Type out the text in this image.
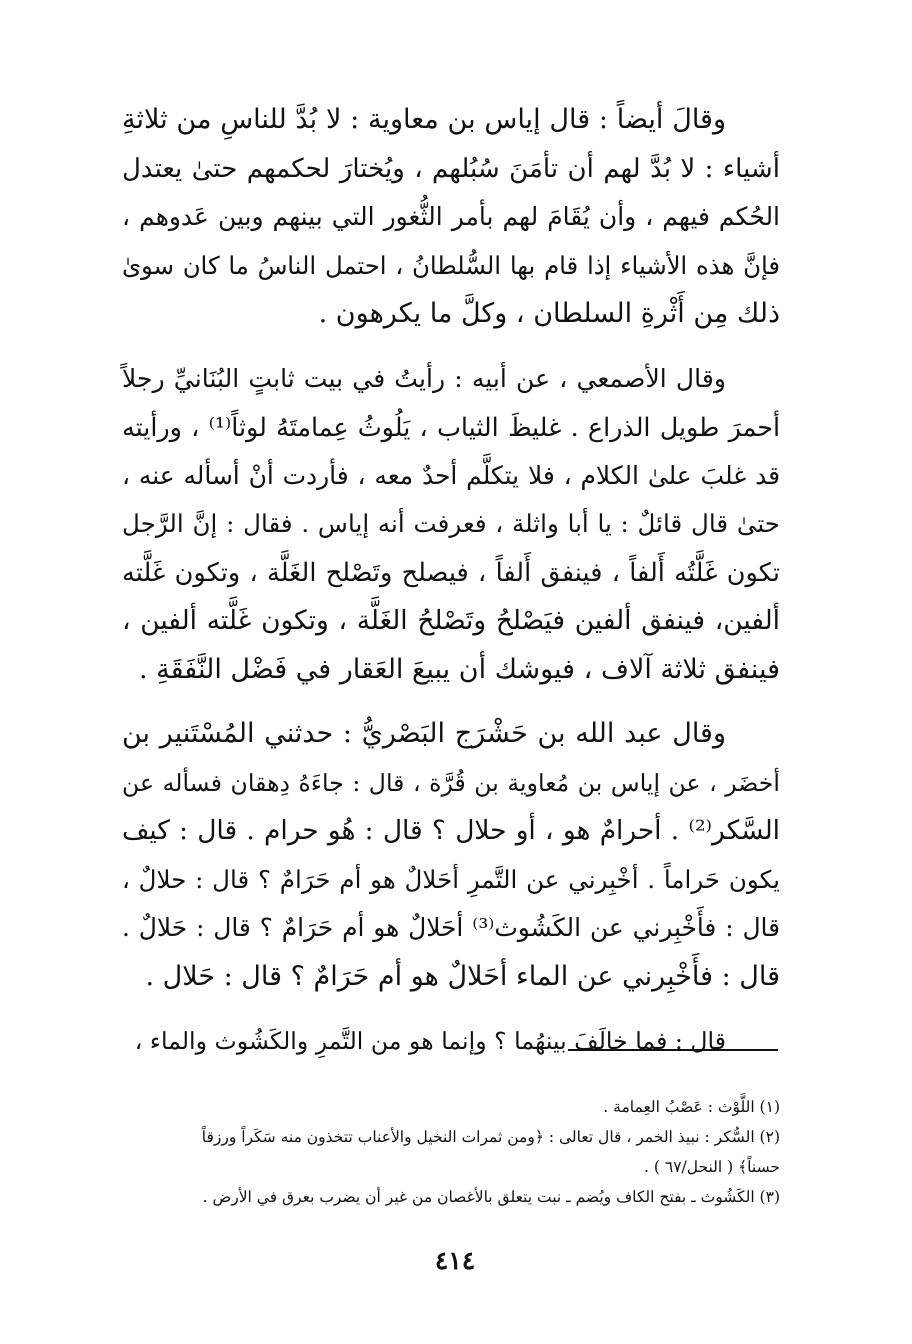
وقالَ أيضاً : قال إياس بن معاوية : لا بُدَّ للناسِ من ثلاثةِ
أشياء : لا بُدَّ لهم أن تأمَنَ سُبُلهم ، ويُختارَ لحكمهم حتىٰ يعتدل
الحُكم فيهم ، وأن يُقَامَ لهم بأمر الثُّغور التي بينهم وبين عَدوهم ،
فإنَّ هذه الأشياء إذا قام بها السُّلطانُ ، احتمل الناسُ ما كان سوىٰ
ذلك مِن أَثْرةِ السلطان ، وكلَّ ما يكرهون .

وقال الأصمعي ، عن أبيه : رأيتُ في بيت ثابتٍ البُنَانيِّ رجلاً
أحمرَ طويل الذراع . غليظَ الثياب ، يَلُوثُ عِمامتَهُ لوثاً⁽¹⁾ ، ورأيته
قد غلبَ علىٰ الكلام ، فلا يتكلَّم أحدٌ معه ، فأردت أنْ أسأله عنه ،
حتىٰ قال قائلٌ : يا أبا واثلة ، فعرفت أنه إياس . فقال : إنَّ الرَّجل
تكون غَلَّتُه أَلفاً ، فينفق أَلفاً ، فيصلح وتَصْلح الغَلَّة ، وتكون غَلَّته
ألفين، فينفق ألفين فيَصْلحُ وتَصْلحُ الغَلَّة ، وتكون غَلَّته ألفين ،
فينفق ثلاثة آلاف ، فيوشك أن يبيعَ العَقار في فَضْل النَّفَقَةِ .

وقال عبد الله بن حَشْرَج البَصْريُّ : حدثني المُسْتَنير بن
أخضَر ، عن إياس بن مُعاوية بن قُرَّة ، قال : جاءَهُ دِهقان فسأله عن
السَّكر⁽²⁾ . أحرامٌ هو ، أو حلال ؟ قال : هُو حرام . قال : كيف
يكون حَراماً . أخْبِرني عن التَّمرِ أحَلالٌ هو أم حَرَامٌ ؟ قال : حلالٌ ،
قال : فأَخْبِرني عن الكَشُوث⁽³⁾ أحَلالٌ هو أم حَرَامٌ ؟ قال : حَلالٌ .
قال : فأَخْبِرني عن الماء أحَلالٌ هو أم حَرَامٌ ؟ قال : حَلال .

قال : فما خالَفَ بينهُما ؟ وإنما هو من التَّمرِ والكَشُوث والماء ،

(١) اللَّوْث : عَصْبُ العِمامة .
(٢) السُّكر : نبيذ الخمر ، قال تعالى : ﴿ومن ثمرات النخيل والأعناب تتخذون منه سَكَراً ورزقاً
حسناً﴾ ( النحل/٦٧ ) .
(٣) الكَشُوث ـ بفتح الكاف ويُضم ـ نبت يتعلق بالأغصان من غير أن يضرب بعرق في الأرض .
٤١٤
